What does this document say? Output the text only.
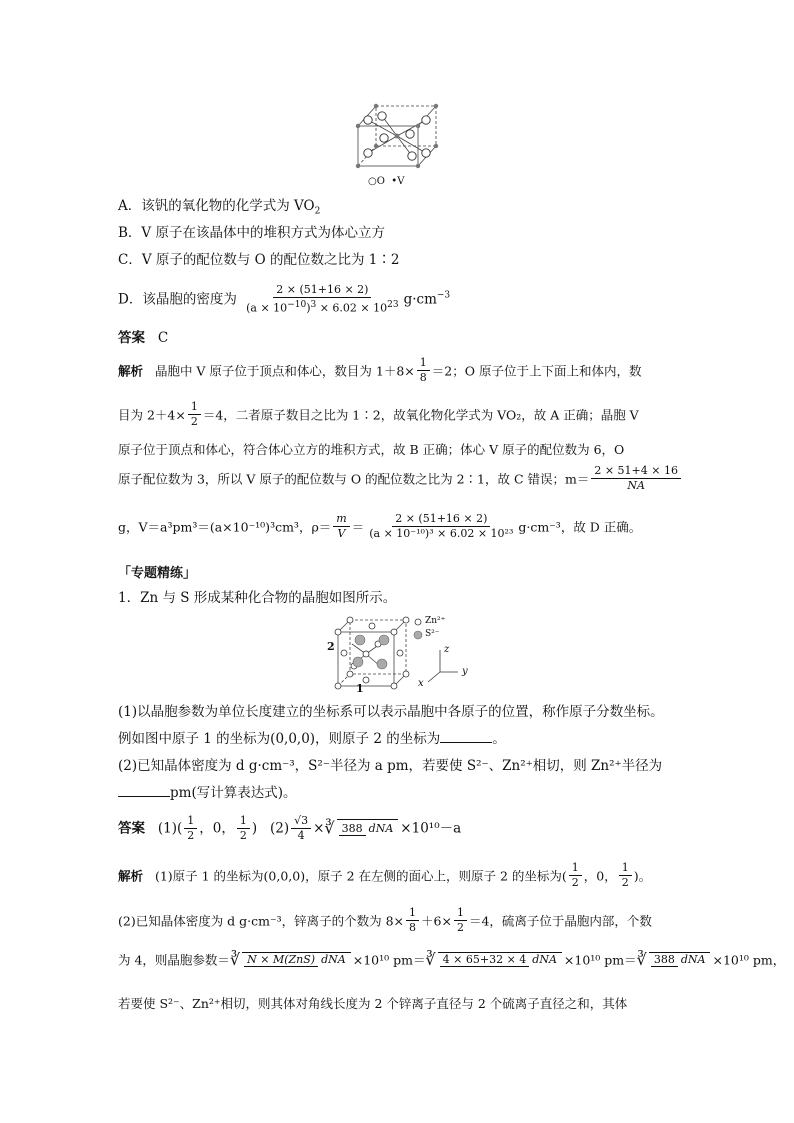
○O •V
A．该钒的氧化物的化学式为 $VO_2$
B．V 原子在该晶体中的堆积方式为体心立方
C．V 原子的配位数与 O 的配位数之比为 1∶2
D．该晶胞的密度为 $\frac{2 \times (51+16 \times 2)}{(a \times 10^{-10})^3 \times 6.02 \times 10^{23}} g\cdot cm^{-3}$
答案 C
解析 晶胞中 V 原子位于顶点和体心，数目为 $1+8\times \frac{1}{8} =2$；O 原子位于上下面上和体内，数
目为 $2+4\times \frac{1}{2} =4$，二者原子数目之比为 1∶2，故氧化物化学式为 VO₂，故 A 正确；晶胞 V
原子位于顶点和体心，符合体心立方的堆积方式，故 B 正确；体心 V 原子的配位数为 6，O
原子配位数为 3，所以 V 原子的配位数与 O 的配位数之比为 2∶1，故 C 错误；$m= \frac{2 \times 51+4 \times 16}{NA}$
g，V＝a³pm³＝(a×10⁻¹⁰)³cm³，$\rho= \frac{m}{V} = \frac{2 \times (51+16 \times 2)}{\text{(a × 10⁻¹⁰)³ × 6.02 × 10²³}} g\cdot cm^{-3}$，故 D 正确。
「专题精练」
1．Zn 与 S 形成某种化合物的晶胞如图所示。
Zn²⁺
S²⁻
2
1
z
y
x
(1)以晶胞参数为单位长度建立的坐标系可以表示晶胞中各原子的位置，称作原子分数坐标。
例如图中原子 1 的坐标为(0,0,0)，则原子 2 的坐标为	。
(2)已知晶体密度为 d g·cm⁻³，S²⁻半径为 a pm，若要使 S²⁻、Zn²⁺相切，则 Zn²⁺半径为
pm(写计算表达式)。
答案 $(1)( \frac{1}{2}$ ，0， $\frac{1}{2}$ ) $(2) \frac{√3}{4}$ ×∛ 388 dNA ×10¹⁰－a
解析 (1)原子 1 的坐标为(0,0,0)，原子 2 在左侧的面心上，则原子 2 的坐标为( $\frac{1}{2}$ ，0， $\frac{1}{2}$ )。
(2)已知晶体密度为 d g·cm⁻³，锌离子的个数为 $8\times \frac{1}{8} +6\times \frac{1}{2} =4$，硫离子位于晶胞内部，个数
为 4，则晶胞参数＝∛ N × M(ZnS) dNA ×10¹⁰ pm＝∛ 4 × 65+32 × 4 dNA ×10¹⁰ pm＝∛ 388 dNA ×10¹⁰ pm，
若要使 S²⁻、Zn²⁺相切，则其体对角线长度为 2 个锌离子直径与 2 个硫离子直径之和，其体
